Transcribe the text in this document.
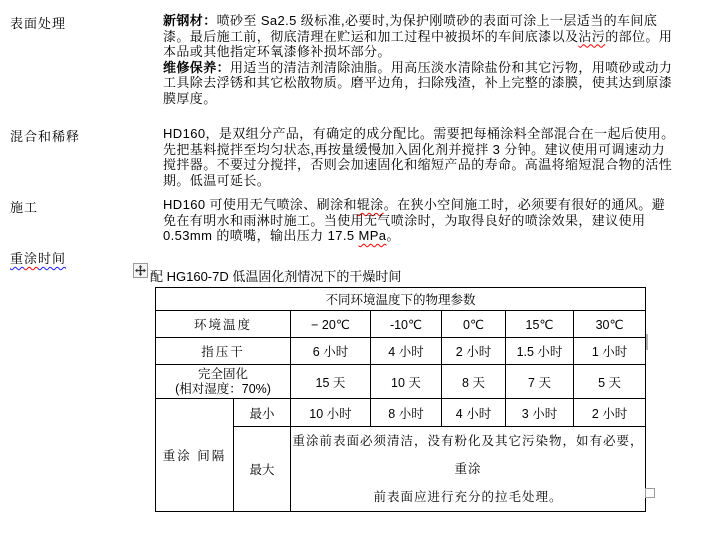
表面处理
混合和稀释
施工
重涂时间
新钢材：喷砂至 Sa2.5 级标准,必要时,为保护刚喷砂的表面可涂上一层适当的车间底
漆。最后施工前，彻底清理在贮运和加工过程中被损坏的车间底漆以及沾污的部位。用
本品或其他指定环氧漆修补损坏部分。
维修保养：用适当的清洁剂清除油脂。用高压淡水清除盐份和其它污物，用喷砂或动力
工具除去浮锈和其它松散物质。磨平边角，扫除残渣，补上完整的漆膜，使其达到原漆
膜厚度。
HD160，是双组分产品，有确定的成分配比。需要把每桶涂料全部混合在一起后使用。
先把基料搅拌至均匀状态,再按量缓慢加入固化剂并搅拌 3 分钟。建议使用可调速动力
搅拌器。不要过分搅拌，否则会加速固化和缩短产品的寿命。高温将缩短混合物的活性
期。低温可延长。
HD160 可使用无气喷涂、刷涂和辊涂。在狭小空间施工时，必须要有很好的通风。避
免在有明水和雨淋时施工。当使用无气喷涂时，为取得良好的喷涂效果，建议使用
0.53mm 的喷嘴，输出压力 17.5 MPa。
配 HG160-7D 低温固化剂情况下的干燥时间
不同环境温度下的物理参数						
环境温度		− 20℃	-10℃	0℃	15℃	30℃
指压干		6 小时	4 小时	2 小时	1.5 小时	1 小时

完全固化
(相对湿度：70%)		15 天	10 天	8 天	7 天	5 天
重涂 间隔	最小	10 小时	8 小时	4 小时	3 小时	2 小时
	最大	重涂前表面必须清洁，没有粉化及其它污染物，如有必要，重涂
前表面应进行充分的拉毛处理。				
